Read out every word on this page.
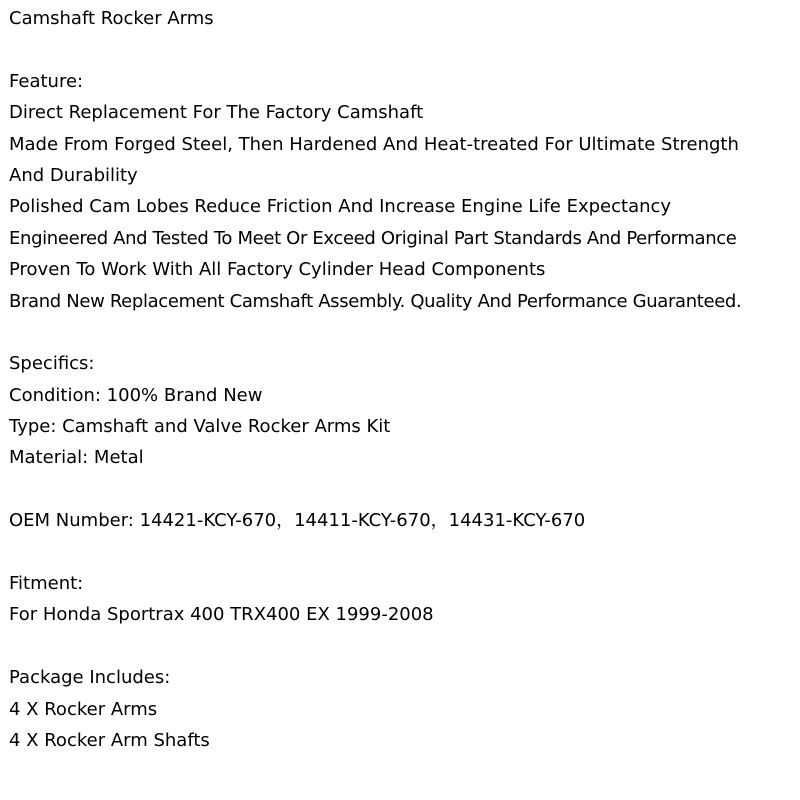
Camshaft Rocker Arms
Feature:
Direct Replacement For The Factory Camshaft
Made From Forged Steel, Then Hardened And Heat-treated For Ultimate Strength
And Durability
Polished Cam Lobes Reduce Friction And Increase Engine Life Expectancy
Engineered And Tested To Meet Or Exceed Original Part Standards And Performance
Proven To Work With All Factory Cylinder Head Components
Brand New Replacement Camshaft Assembly. Quality And Performance Guaranteed.
Specifics:
Condition: 100% Brand New
Type: Camshaft and Valve Rocker Arms Kit
Material: Metal
OEM Number: 14421-KCY-670，14411-KCY-670，14431-KCY-670
Fitment:
For Honda Sportrax 400 TRX400 EX 1999-2008
Package Includes:
4 X Rocker Arms
4 X Rocker Arm Shafts
